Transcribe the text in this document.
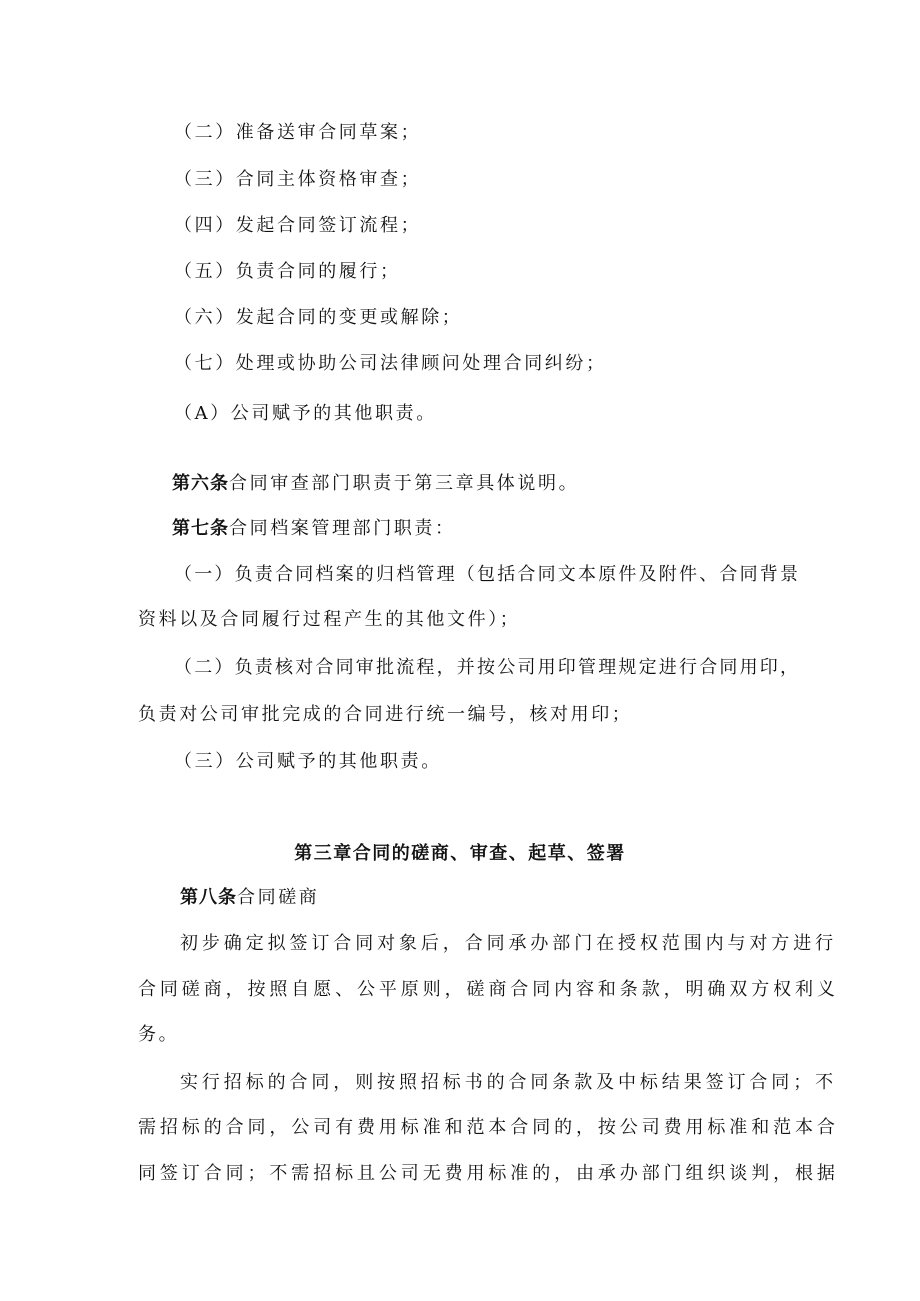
（二）准备送审合同草案；
（三）合同主体资格审查；
（四）发起合同签订流程；
（五）负责合同的履行；
（六）发起合同的变更或解除；
（七）处理或协助公司法律顾问处理合同纠纷；
（A）公司赋予的其他职责。
第六条合同审查部门职责于第三章具体说明。
第七条合同档案管理部门职责：
（一）负责合同档案的归档管理（包括合同文本原件及附件、合同背景
资料以及合同履行过程产生的其他文件）；
（二）负责核对合同审批流程，并按公司用印管理规定进行合同用印，
负责对公司审批完成的合同进行统一编号，核对用印；
（三）公司赋予的其他职责。
第三章合同的磋商、审查、起草、签署
第八条合同磋商
初步确定拟签订合同对象后，合同承办部门在授权范围内与对方进行
合同磋商，按照自愿、公平原则，磋商合同内容和条款，明确双方权利义
务。
实行招标的合同，则按照招标书的合同条款及中标结果签订合同；不
需招标的合同，公司有费用标准和范本合同的，按公司费用标准和范本合
同签订合同；不需招标且公司无费用标准的，由承办部门组织谈判，根据
